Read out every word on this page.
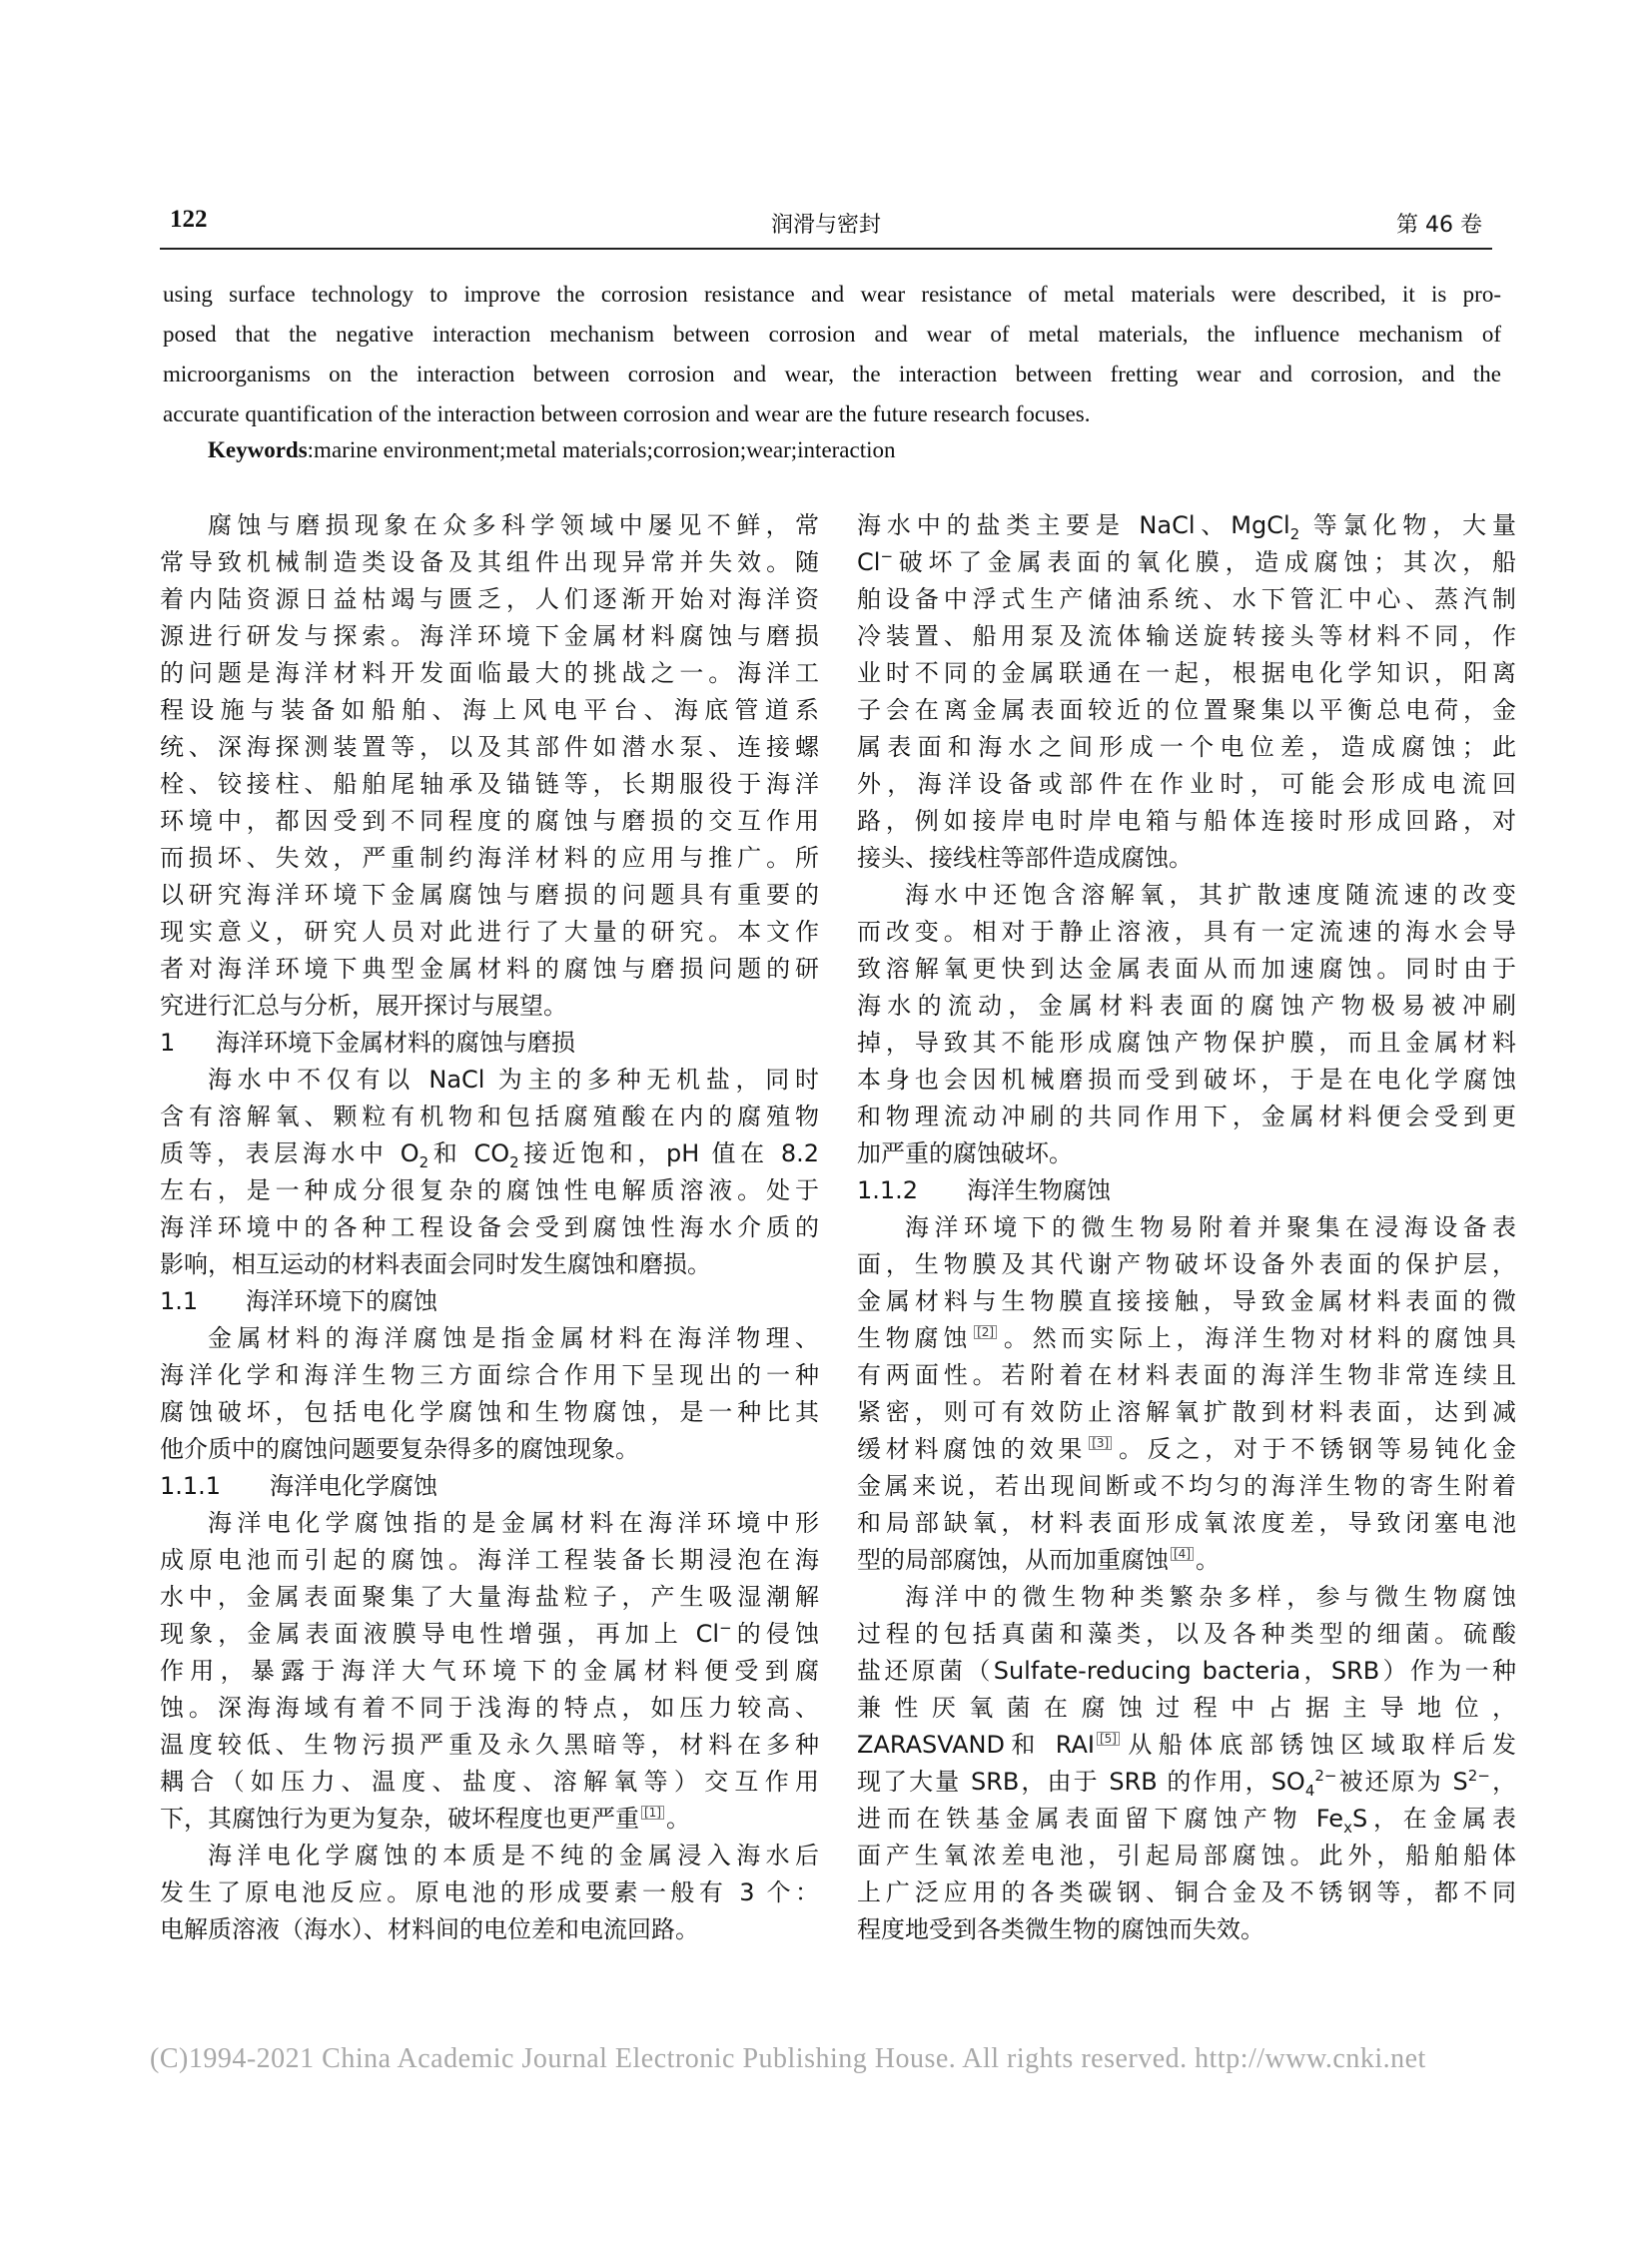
122	润滑与密封	第 46 卷
using surface technology to improve the corrosion resistance and wear resistance of metal materials were described, it is pro-
posed that the negative interaction mechanism between corrosion and wear of metal materials, the influence mechanism of
microorganisms on the interaction between corrosion and wear, the interaction between fretting wear and corrosion, and the
accurate quantification of the interaction between corrosion and wear are the future research focuses.
Keywords:marine environment;metal materials;corrosion;wear;interaction
腐蚀与磨损现象在众多科学领域中屡见不鲜，常
常导致机械制造类设备及其组件出现异常并失效。随
着内陆资源日益枯竭与匮乏，人们逐渐开始对海洋资
源进行研发与探索。海洋环境下金属材料腐蚀与磨损
的问题是海洋材料开发面临最大的挑战之一。海洋工
程设施与装备如船舶、海上风电平台、海底管道系
统、深海探测装置等，以及其部件如潜水泵、连接螺
栓、铰接柱、船舶尾轴承及锚链等，长期服役于海洋
环境中，都因受到不同程度的腐蚀与磨损的交互作用
而损坏、失效，严重制约海洋材料的应用与推广。所
以研究海洋环境下金属腐蚀与磨损的问题具有重要的
现实意义，研究人员对此进行了大量的研究。本文作
者对海洋环境下典型金属材料的腐蚀与磨损问题的研
究进行汇总与分析，展开探讨与展望。
1 海洋环境下金属材料的腐蚀与磨损
海水中不仅有以 NaCl 为主的多种无机盐，同时
含有溶解氧、颗粒有机物和包括腐殖酸在内的腐殖物
质等，表层海水中 $O_2$和 $CO_2$接近饱和，pH 值在 8.2
左右，是一种成分很复杂的腐蚀性电解质溶液。处于
海洋环境中的各种工程设备会受到腐蚀性海水介质的
影响，相互运动的材料表面会同时发生腐蚀和磨损。
1.1 海洋环境下的腐蚀
金属材料的海洋腐蚀是指金属材料在海洋物理、
海洋化学和海洋生物三方面综合作用下呈现出的一种
腐蚀破坏，包括电化学腐蚀和生物腐蚀，是一种比其
他介质中的腐蚀问题要复杂得多的腐蚀现象。
1.1.1 海洋电化学腐蚀
海洋电化学腐蚀指的是金属材料在海洋环境中形
成原电池而引起的腐蚀。海洋工程装备长期浸泡在海
水中，金属表面聚集了大量海盐粒子，产生吸湿潮解
现象，金属表面液膜导电性增强，再加上 Cl−的侵蚀
作用，暴露于海洋大气环境下的金属材料便受到腐
蚀。深海海域有着不同于浅海的特点，如压力较高、
温度较低、生物污损严重及永久黑暗等，材料在多种
耦合（如压力、温度、盐度、溶解氧等）交互作用
下，其腐蚀行为更为复杂，破坏程度也更严重 [1] 。
海洋电化学腐蚀的本质是不纯的金属浸入海水后
发生了原电池反应。原电池的形成要素一般有 3 个：
电解质溶液（海水）、材料间的电位差和电流回路。
海水中的盐类主要是 NaCl、MgCl$_2$ 等氯化物，大量
Cl−破坏了金属表面的氧化膜，造成腐蚀；其次，船
舶设备中浮式生产储油系统、水下管汇中心、蒸汽制
冷装置、船用泵及流体输送旋转接头等材料不同，作
业时不同的金属联通在一起，根据电化学知识，阳离
子会在离金属表面较近的位置聚集以平衡总电荷，金
属表面和海水之间形成一个电位差，造成腐蚀；此
外，海洋设备或部件在作业时，可能会形成电流回
路，例如接岸电时岸电箱与船体连接时形成回路，对
接头、接线柱等部件造成腐蚀。
海水中还饱含溶解氧，其扩散速度随流速的改变
而改变。相对于静止溶液，具有一定流速的海水会导
致溶解氧更快到达金属表面从而加速腐蚀。同时由于
海水的流动，金属材料表面的腐蚀产物极易被冲刷
掉，导致其不能形成腐蚀产物保护膜，而且金属材料
本身也会因机械磨损而受到破坏，于是在电化学腐蚀
和物理流动冲刷的共同作用下，金属材料便会受到更
加严重的腐蚀破坏。
1.1.2 海洋生物腐蚀
海洋环境下的微生物易附着并聚集在浸海设备表
面，生物膜及其代谢产物破坏设备外表面的保护层，
金属材料与生物膜直接接触，导致金属材料表面的微
生物腐蚀 [2] 。然而实际上，海洋生物对材料的腐蚀具
有两面性。若附着在材料表面的海洋生物非常连续且
紧密，则可有效防止溶解氧扩散到材料表面，达到减
缓材料腐蚀的效果 [3] 。反之，对于不锈钢等易钝化金
金属来说，若出现间断或不均匀的海洋生物的寄生附着
和局部缺氧，材料表面形成氧浓度差，导致闭塞电池
型的局部腐蚀，从而加重腐蚀 [4] 。
海洋中的微生物种类繁杂多样，参与微生物腐蚀
过程的包括真菌和藻类，以及各种类型的细菌。硫酸
盐还原菌（Sulfate-reducing bacteria，SRB）作为一种
兼性厌氧菌在腐蚀过程中占据主导地位，
ZARASVAND和 RAI [5] 从船体底部锈蚀区域取样后发
现了大量 SRB，由于 SRB 的作用，$SO_4^{2-}$被还原为 $S^{2-}$，
进而在铁基金属表面留下腐蚀产物 $Fe_xS$，在金属表
面产生氧浓差电池，引起局部腐蚀。此外，船舶船体
上广泛应用的各类碳钢、铜合金及不锈钢等，都不同
程度地受到各类微生物的腐蚀而失效。
(C)1994-2021 China Academic Journal Electronic Publishing House. All rights reserved. http://www.cnki.net
